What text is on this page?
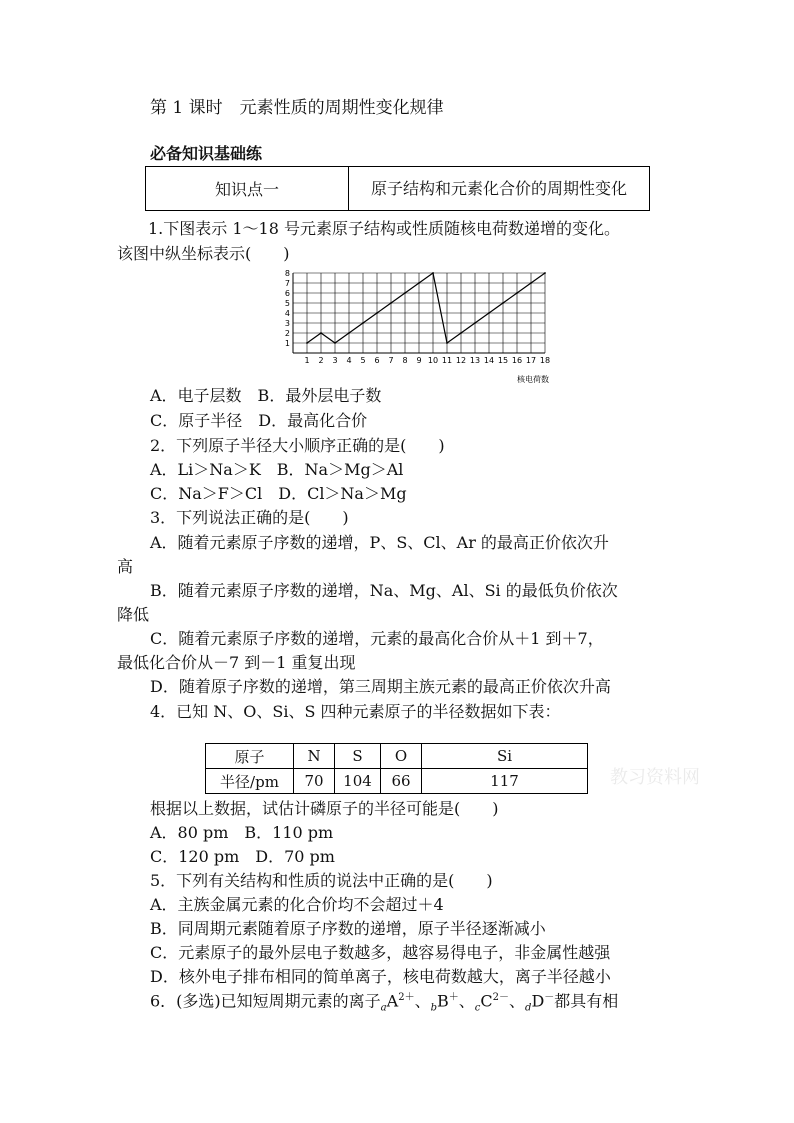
第 1 课时　元素性质的周期性变化规律
必备知识基础练
知识点一	原子结构和元素化合价的周期性变化
1.下图表示 1～18 号元素原子结构或性质随核电荷数递增的变化。
该图中纵坐标表示(　　)
1 2 3 4 5 6 7 8 9 10 11 12 13 14 15 16 17 18
1
2
3
4
5
6
7
8
核电荷数
A．电子层数　B．最外层电子数
C．原子半径　D．最高化合价
2．下列原子半径大小顺序正确的是(　　)
A．Li＞Na＞K　B．Na＞Mg＞Al
C．Na＞F＞Cl　D．Cl＞Na＞Mg
3．下列说法正确的是(　　)
A．随着元素原子序数的递增，P、S、Cl、Ar 的最高正价依次升
高
B．随着元素原子序数的递增，Na、Mg、Al、Si 的最低负价依次
降低
C．随着元素原子序数的递增，元素的最高化合价从＋1 到＋7，
最低化合价从－7 到－1 重复出现
D．随着原子序数的递增，第三周期主族元素的最高正价依次升高
4．已知 N、O、Si、S 四种元素原子的半径数据如下表：
原子	N	S	O	Si
半径/pm	70	104	66	117	教习资料网
根据以上数据，试估计磷原子的半径可能是(　　)
A．80 pm　B．110 pm
C．120 pm　D．70 pm
5．下列有关结构和性质的说法中正确的是(　　)
A．主族金属元素的化合价均不会超过＋4
B．同周期元素随着原子序数的递增，原子半径逐渐减小
C．元素原子的最外层电子数越多，越容易得电子，非金属性越强
D．核外电子排布相同的简单离子，核电荷数越大，离子半径越小
6．(多选)已知短周期元素的离子$_aA^{2+}$、$_b$B＋、$_cC^{2-}$、$_d$D－都具有相
